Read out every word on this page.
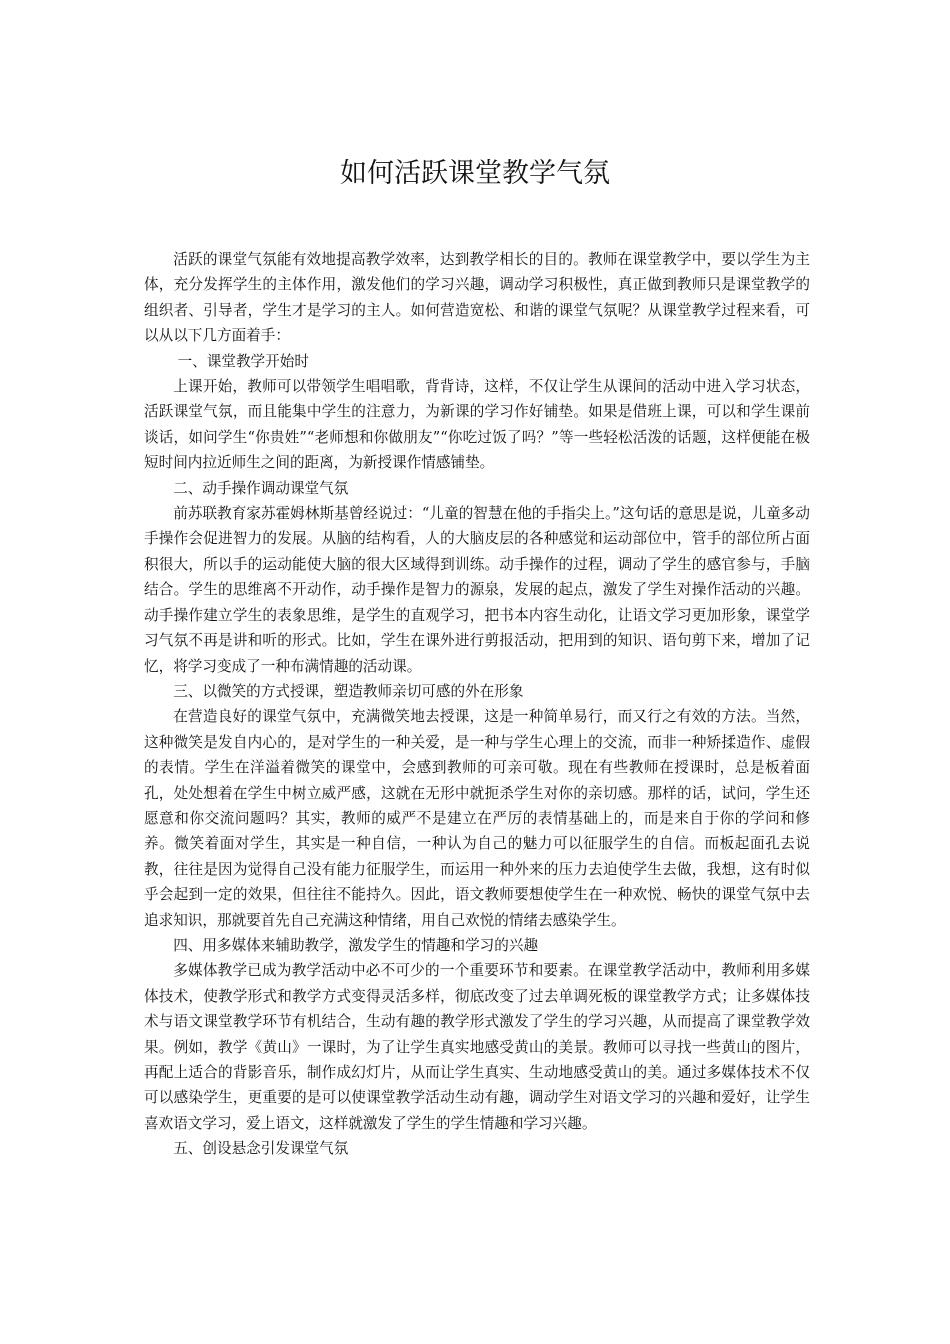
如何活跃课堂教学气氛

活跃的课堂气氛能有效地提高教学效率，达到教学相长的目的。教师在课堂教学中，要以学生为主体，充分发挥学生的主体作用，激发他们的学习兴趣，调动学习积极性，真正做到教师只是课堂教学的组织者、引导者，学生才是学习的主人。如何营造宽松、和谐的课堂气氛呢？从课堂教学过程来看，可以从以下几方面着手：

一、课堂教学开始时

上课开始，教师可以带领学生唱唱歌，背背诗，这样，不仅让学生从课间的活动中进入学习状态，活跃课堂气氛，而且能集中学生的注意力，为新课的学习作好铺垫。如果是借班上课，可以和学生课前谈话，如问学生“你贵姓”“老师想和你做朋友”“你吃过饭了吗？”等一些轻松活泼的话题，这样便能在极短时间内拉近师生之间的距离，为新授课作情感铺垫。

二、动手操作调动课堂气氛

前苏联教育家苏霍姆林斯基曾经说过：“儿童的智慧在他的手指尖上。”这句话的意思是说，儿童多动手操作会促进智力的发展。从脑的结构看，人的大脑皮层的各种感觉和运动部位中，管手的部位所占面积很大，所以手的运动能使大脑的很大区域得到训练。动手操作的过程，调动了学生的感官参与，手脑结合。学生的思维离不开动作，动手操作是智力的源泉，发展的起点，激发了学生对操作活动的兴趣。动手操作建立学生的表象思维，是学生的直观学习，把书本内容生动化，让语文学习更加形象，课堂学习气氛不再是讲和听的形式。比如，学生在课外进行剪报活动，把用到的知识、语句剪下来，增加了记忆，将学习变成了一种布满情趣的活动课。

三、以微笑的方式授课，塑造教师亲切可感的外在形象

在营造良好的课堂气氛中，充满微笑地去授课，这是一种简单易行，而又行之有效的方法。当然，这种微笑是发自内心的，是对学生的一种关爱，是一种与学生心理上的交流，而非一种矫揉造作、虚假的表情。学生在洋溢着微笑的课堂中，会感到教师的可亲可敬。现在有些教师在授课时，总是板着面孔，处处想着在学生中树立威严感，这就在无形中就扼杀学生对你的亲切感。那样的话，试问，学生还愿意和你交流问题吗？其实，教师的威严不是建立在严厉的表情基础上的，而是来自于你的学问和修养。微笑着面对学生，其实是一种自信，一种认为自己的魅力可以征服学生的自信。而板起面孔去说教，往往是因为觉得自己没有能力征服学生，而运用一种外来的压力去迫使学生去做，我想，这有时似乎会起到一定的效果，但往往不能持久。因此，语文教师要想使学生在一种欢悦、畅快的课堂气氛中去追求知识，那就要首先自己充满这种情绪，用自己欢悦的情绪去感染学生。

四、用多媒体来辅助教学，激发学生的情趣和学习的兴趣

多媒体教学已成为教学活动中必不可少的一个重要环节和要素。在课堂教学活动中，教师利用多媒体技术，使教学形式和教学方式变得灵活多样，彻底改变了过去单调死板的课堂教学方式；让多媒体技术与语文课堂教学环节有机结合，生动有趣的教学形式激发了学生的学习兴趣，从而提高了课堂教学效果。例如，教学《黄山》一课时，为了让学生真实地感受黄山的美景。教师可以寻找一些黄山的图片，再配上适合的背影音乐，制作成幻灯片，从而让学生真实、生动地感受黄山的美。通过多媒体技术不仅可以感染学生，更重要的是可以使课堂教学活动生动有趣，调动学生对语文学习的兴趣和爱好，让学生喜欢语文学习，爱上语文，这样就激发了学生的学生情趣和学习兴趣。

五、创设悬念引发课堂气氛
